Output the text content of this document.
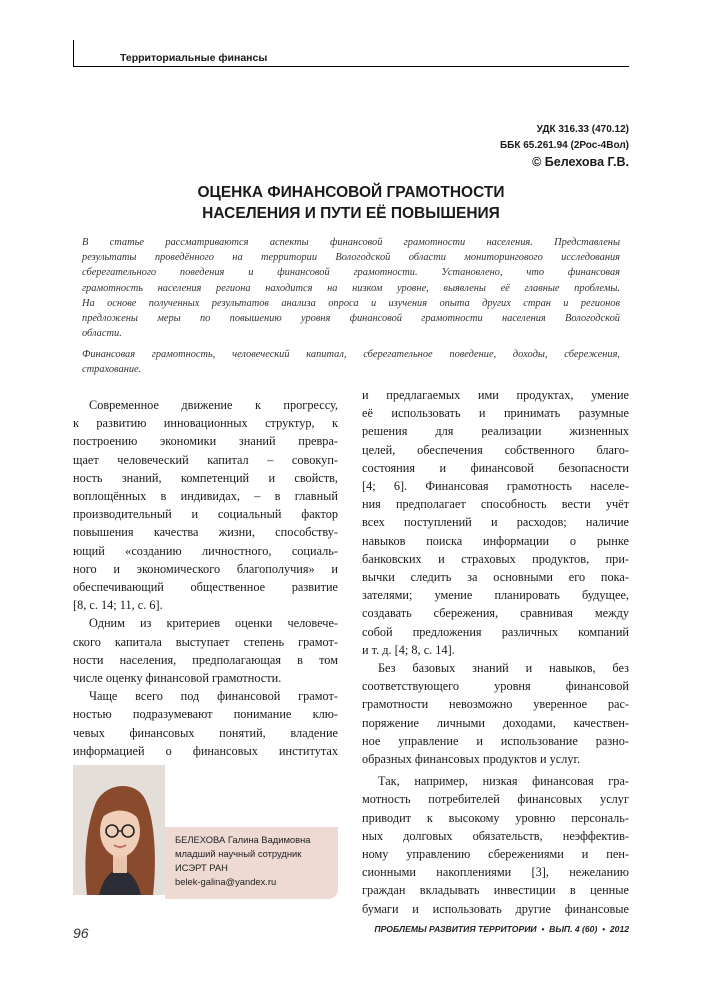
Территориальные финансы
УДК 316.33 (470.12)
ББК 65.261.94 (2Рос-4Вол)
© Белехова Г.В.
ОЦЕНКА ФИНАНСОВОЙ ГРАМОТНОСТИ
НАСЕЛЕНИЯ И ПУТИ ЕЁ ПОВЫШЕНИЯ
В статье рассматриваются аспекты финансовой грамотности населения. Представлены
результаты проведённого на территории Вологодской области мониторингового исследования
сберегательного поведения и финансовой грамотности. Установлено, что финансовая
грамотность населения региона находится на низком уровне, выявлены её главные проблемы.
На основе полученных результатов анализа опроса и изучения опыта других стран и регионов
предложены меры по повышению уровня финансовой грамотности населения Вологодской
области.
Финансовая грамотность, человеческий капитал, сберегательное поведение, доходы, сбережения,
страхование.
Современное движение к прогрессу,
к развитию инновационных структур, к
построению экономики знаний превра-
щает человеческий капитал – совокуп-
ность знаний, компетенций и свойств,
воплощённых в индивидах, – в главный
производительный и социальный фактор
повышения качества жизни, способству-
ющий «созданию личностного, социаль-
ного и экономического благополучия» и
обеспечивающий общественное развитие
[8, с. 14; 11, с. 6].
Одним из критериев оценки человече-
ского капитала выступает степень грамот-
ности населения, предполагающая в том
числе оценку финансовой грамотности.
Чаще всего под финансовой грамот-
ностью подразумевают понимание клю-
чевых финансовых понятий, владение
информацией о финансовых институтах
и предлагаемых ими продуктах, умение
её использовать и принимать разумные
решения для реализации жизненных
целей, обеспечения собственного благо-
состояния и финансовой безопасности
[4; 6]. Финансовая грамотность населе-
ния предполагает способность вести учёт
всех поступлений и расходов; наличие
навыков поиска информации о рынке
банковских и страховых продуктов, при-
вычки следить за основными его пока-
зателями; умение планировать будущее,
создавать сбережения, сравнивая между
собой предложения различных компаний
и т. д. [4; 8, с. 14].
Без базовых знаний и навыков, без
соответствующего уровня финансовой
грамотности невозможно уверенное рас-
поряжение личными доходами, качествен-
ное управление и использование разно-
образных финансовых продуктов и услуг.
Так, например, низкая финансовая гра-
мотность потребителей финансовых услуг
приводит к высокому уровню персональ-
ных долговых обязательств, неэффектив-
ному управлению сбережениями и пен-
сионными накоплениями [3], нежеланию
граждан вкладывать инвестиции в ценные
бумаги и использовать другие финансовые
БЕЛЕХОВА Галина Вадимовна
младший научный сотрудник
ИСЭРТ РАН
belek-galina@yandex.ru
96	ПРОБЛЕМЫ РАЗВИТИЯ ТЕРРИТОРИИ  •  ВЫП. 4 (60)  •  2012
